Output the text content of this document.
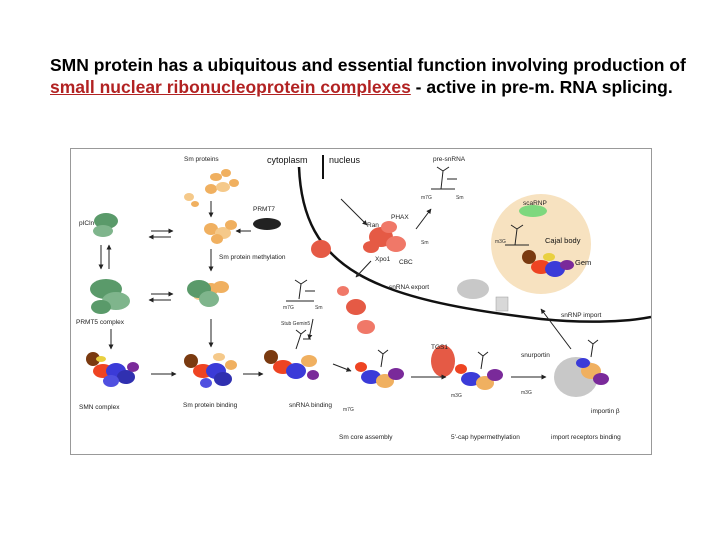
SMN protein has a ubiquitous and essential function involving production of small nuclear ribonucleoprotein complexes - active in pre-m. RNA splicing.
cytoplasm nucleus
Sm proteins
PRMT7
pICln
Sm protein methylation
PRMT5 complex
SMN complex	Sm protein binding	snRNA binding
m7G
Sm core assembly
m3G
5'-cap hypermethylation
TGS1
import receptors binding
importin β
snurportin
pre-snRNA
m7G	Sm
PHAX
Ran
Xpo1 CBC
Sm
snRNA export
m7G	Sm
Stub Gemin5
scaRNP
Cajal body
Gem
m3G
snRNP import
m3G
